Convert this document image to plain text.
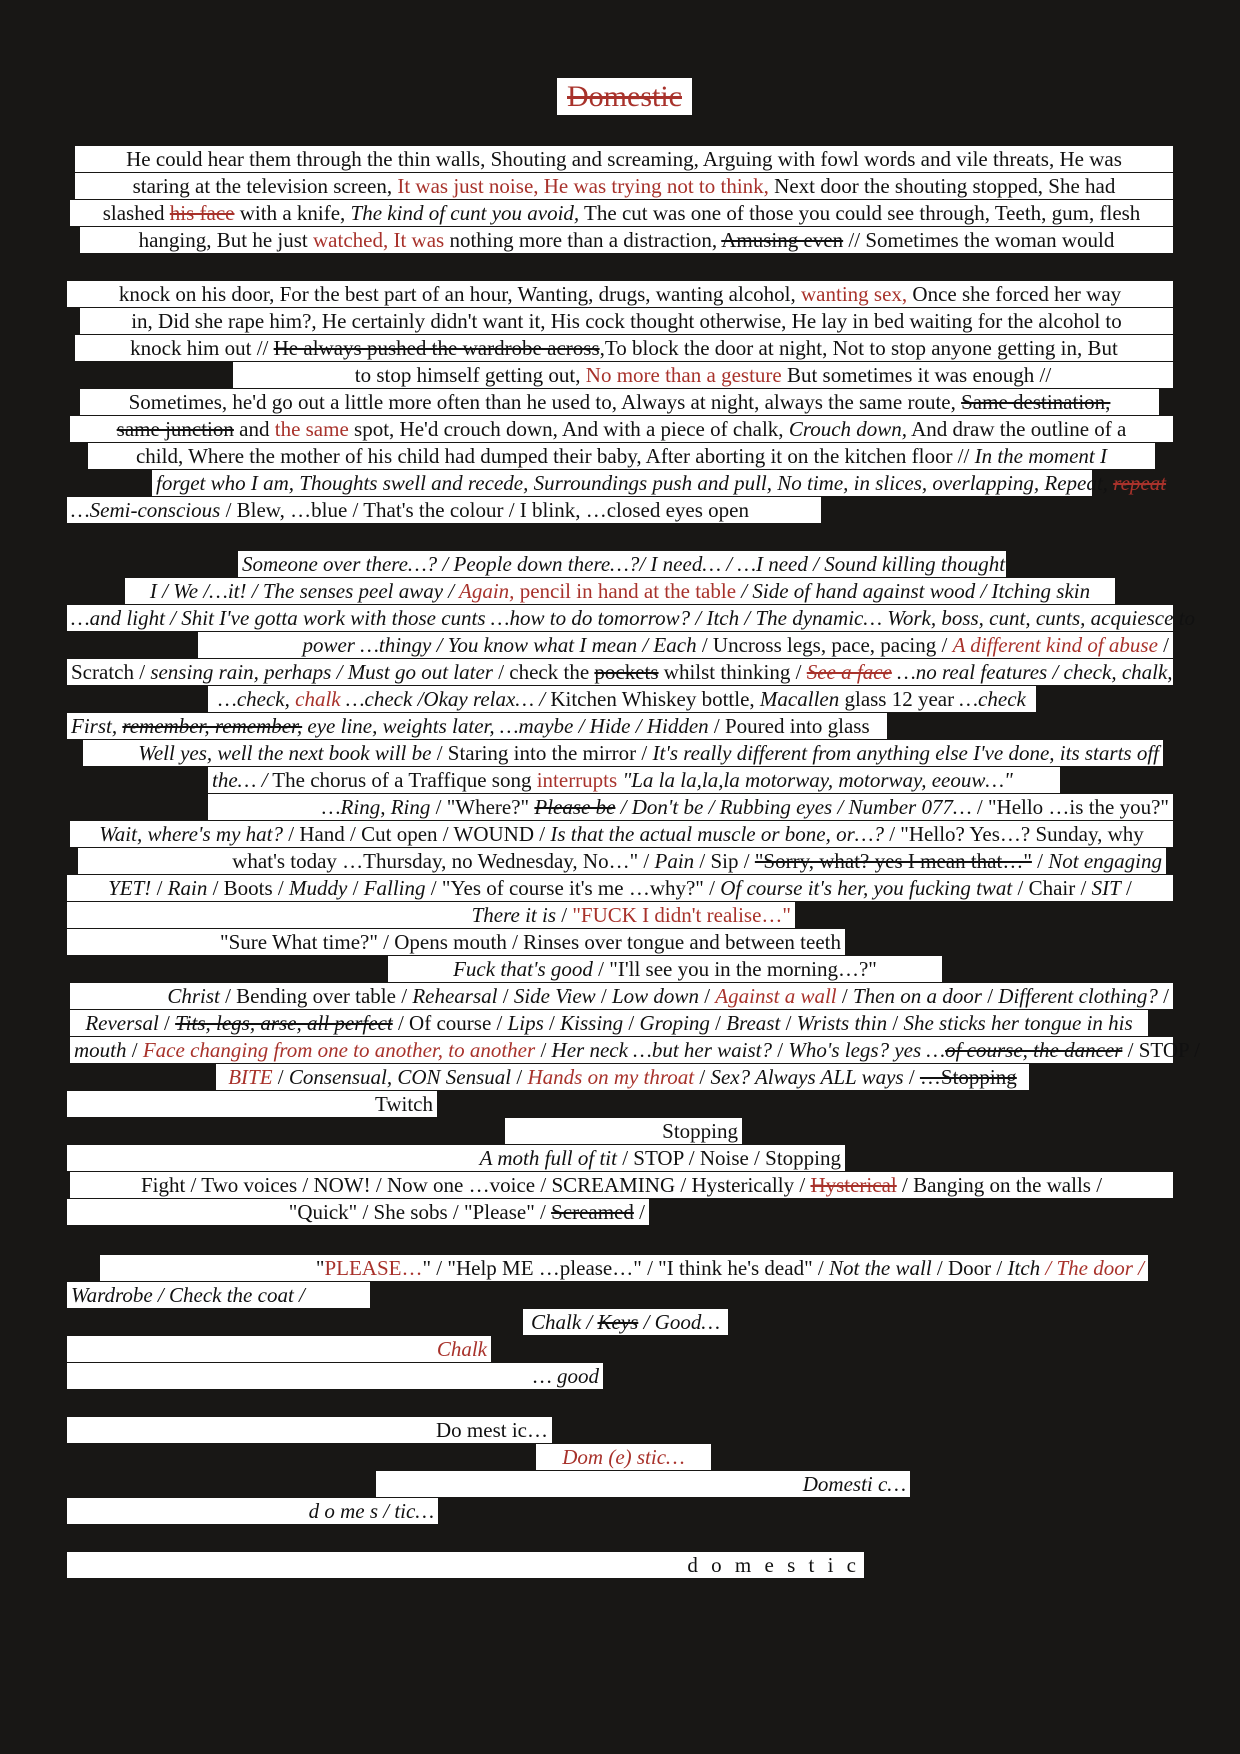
Domestic
He could hear them through the thin walls, Shouting and screaming, Arguing with fowl words and vile threats, He was
staring at the television screen, It was just noise, He was trying not to think, Next door the shouting stopped, She had
slashed his face with a knife, The kind of cunt you avoid, The cut was one of those you could see through, Teeth, gum, flesh
hanging, But he just watched, It was nothing more than a distraction, Amusing even // Sometimes the woman would
knock on his door, For the best part of an hour, Wanting, drugs, wanting alcohol, wanting sex, Once she forced her way
in, Did she rape him?, He certainly didn't want it, His cock thought otherwise, He lay in bed waiting for the alcohol to
knock him out // He always pushed the wardrobe across,To block the door at night, Not to stop anyone getting in, But
to stop himself getting out, No more than a gesture But sometimes it was enough //
Sometimes, he'd go out a little more often than he used to, Always at night, always the same route, Same destination,
same junction and the same spot, He'd crouch down, And with a piece of chalk, Crouch down, And draw the outline of a
child, Where the mother of his child had dumped their baby, After aborting it on the kitchen floor // In the moment I
forget who I am, Thoughts swell and recede, Surroundings push and pull, No time, in slices, overlapping, Repeat, repeat
…Semi-conscious / Blew, …blue / That's the colour / I blink, …closed eyes open
Someone over there…? / People down there…?/ I need… / …I need / Sound killing thought
I / We /…it! / The senses peel away / Again, pencil in hand at the table / Side of hand against wood / Itching skin
…and light / Shit I've gotta work with those cunts …how to do tomorrow? / Itch / The dynamic… Work, boss, cunt, cunts, acquiesce to
power …thingy / You know what I mean / Each / Uncross legs, pace, pacing / A different kind of abuse /
Scratch / sensing rain, perhaps / Must go out later / check the pockets whilst thinking / See a face …no real features / check, chalk,
…check, chalk …check /Okay relax… / Kitchen Whiskey bottle, Macallen glass 12 year …check
First, remember, remember, eye line, weights later, …maybe / Hide / Hidden / Poured into glass
Well yes, well the next book will be / Staring into the mirror / It's really different from anything else I've done, its starts off
the… / The chorus of a Traffique song interrupts "La la la,la,la motorway, motorway, eeouw…"
…Ring, Ring / "Where?" Please be / Don't be / Rubbing eyes / Number 077… / "Hello …is the you?"
Wait, where's my hat? / Hand / Cut open / WOUND / Is that the actual muscle or bone, or…? / "Hello? Yes…? Sunday, why
what's today …Thursday, no Wednesday, No…" / Pain / Sip / "Sorry, what? yes I mean that…" / Not engaging
YET! / Rain / Boots / Muddy / Falling / "Yes of course it's me …why?" / Of course it's her, you fucking twat / Chair / SIT /
There it is / "FUCK I didn't realise…"
"Sure What time?" / Opens mouth / Rinses over tongue and between teeth
Fuck that's good / "I'll see you in the morning…?"
Christ / Bending over table / Rehearsal / Side View / Low down / Against a wall / Then on a door / Different clothing? /
Reversal / Tits, legs, arse, all perfect / Of course / Lips / Kissing / Groping / Breast / Wrists thin / She sticks her tongue in his
mouth / Face changing from one to another, to another / Her neck …but her waist? / Who's legs? yes …of course, the dancer / STOP /
BITE / Consensual, CON Sensual / Hands on my throat / Sex? Always ALL ways / …Stopping
Twitch
Stopping
A moth full of tit / STOP / Noise / Stopping
Fight / Two voices / NOW! / Now one …voice / SCREAMING / Hysterically / Hysterical / Banging on the walls /
"Quick" / She sobs / "Please" / Screamed /
"PLEASE…" / "Help ME …please…" / "I think he's dead" / Not the wall / Door / Itch / The door /
Wardrobe / Check the coat /
Chalk / Keys / Good…
Chalk
… good
Do mest ic…
Dom (e) stic…
Domesti c…
d o me s / tic…
d o m e s t i c
